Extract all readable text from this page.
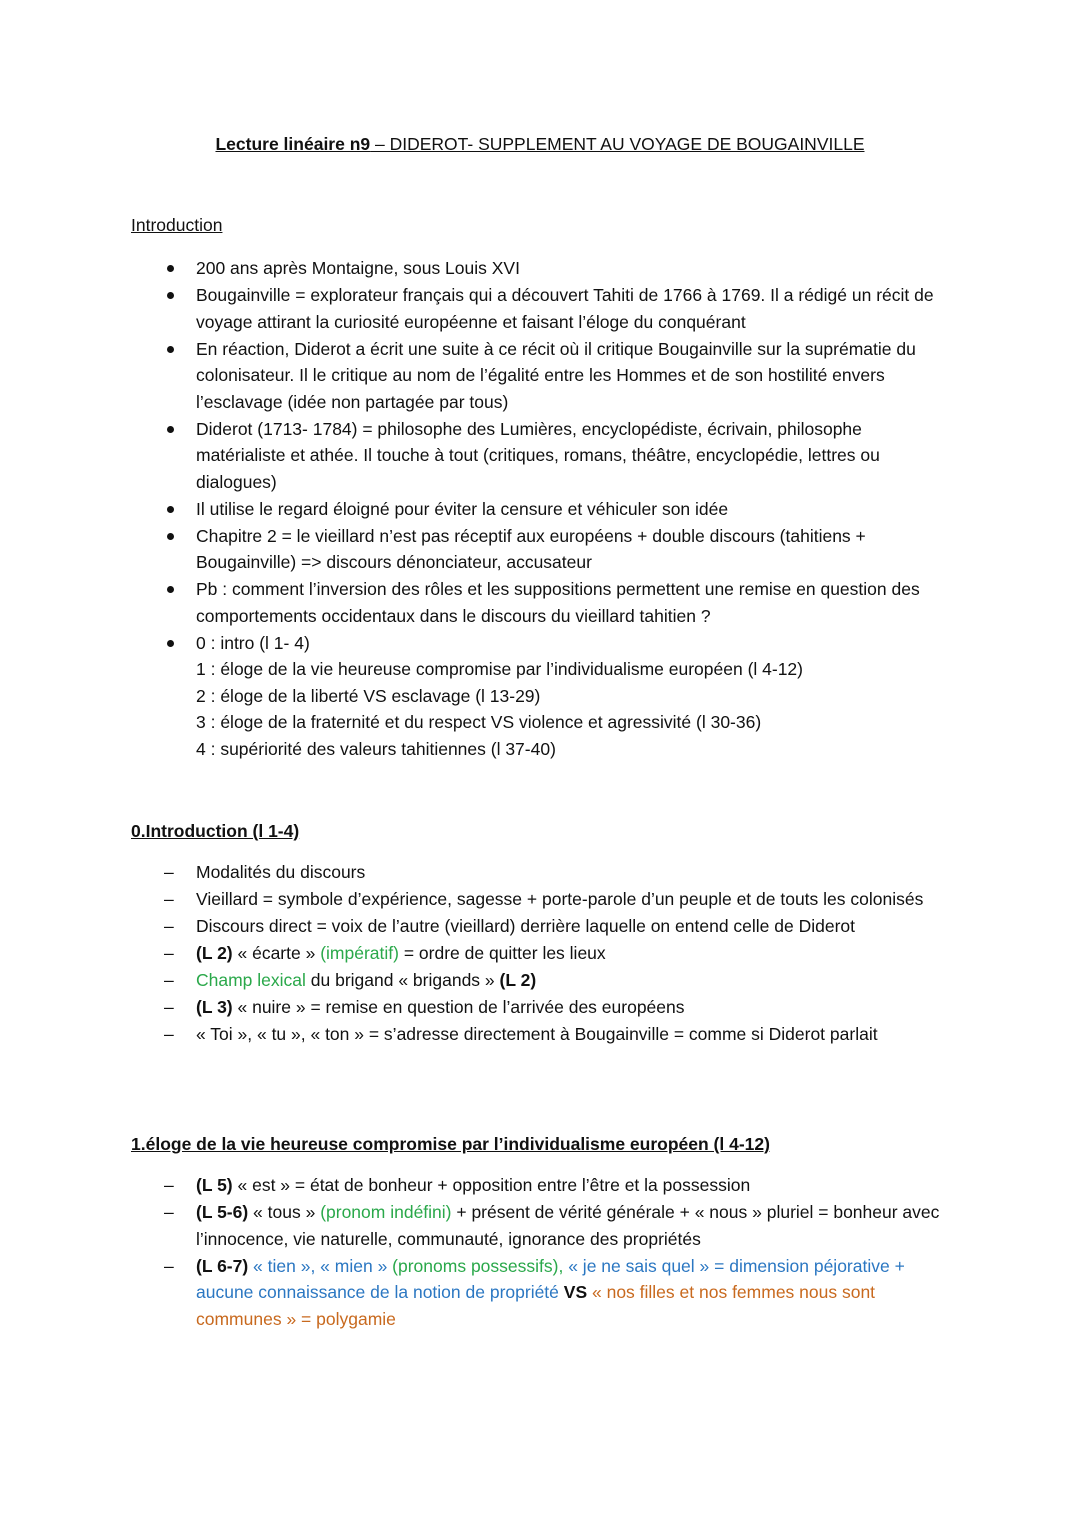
Lecture linéaire n9 – DIDEROT- SUPPLEMENT AU VOYAGE DE BOUGAINVILLE
Introduction
200 ans après Montaigne, sous Louis XVI
Bougainville = explorateur français qui a découvert Tahiti de 1766 à 1769. Il a rédigé un récit de voyage attirant la curiosité européenne et faisant l’éloge du conquérant
En réaction, Diderot a écrit une suite à ce récit où il critique Bougainville sur la suprématie du colonisateur. Il le critique au nom de l’égalité entre les Hommes et de son hostilité envers l’esclavage (idée non partagée par tous)
Diderot (1713- 1784) = philosophe des Lumières, encyclopédiste, écrivain, philosophe matérialiste et athée. Il touche à tout (critiques, romans, théâtre, encyclopédie, lettres ou dialogues)
Il utilise le regard éloigné pour éviter la censure et véhiculer son idée
Chapitre 2 = le vieillard n’est pas réceptif aux européens + double discours (tahitiens + Bougainville) => discours dénonciateur, accusateur
Pb : comment l’inversion des rôles et les suppositions permettent une remise en question des comportements occidentaux dans le discours du vieillard tahitien ?
0 : intro (l 1- 4)
1 : éloge de la vie heureuse compromise par l’individualisme européen (l 4-12)
2 : éloge de la liberté VS esclavage (l 13-29)
3 : éloge de la fraternité et du respect VS violence et agressivité (l 30-36)
4 : supériorité des valeurs tahitiennes (l 37-40)
0.Introduction (l 1-4)
– Modalités du discours
– Vieillard = symbole d’expérience, sagesse + porte-parole d’un peuple et de touts les colonisés
– Discours direct = voix de l’autre (vieillard) derrière laquelle on entend celle de Diderot
– (L 2) « écarte » (impératif) = ordre de quitter les lieux
– Champ lexical du brigand « brigands » (L 2)
– (L 3) « nuire » = remise en question de l’arrivée des européens
– « Toi », « tu », « ton » = s’adresse directement à Bougainville = comme si Diderot parlait
1.éloge de la vie heureuse compromise par l’individualisme européen (l 4-12)
– (L 5) « est » = état de bonheur + opposition entre l’être et la possession
– (L 5-6) « tous » (pronom indéfini) + présent de vérité générale + « nous » pluriel = bonheur avec l’innocence, vie naturelle, communauté, ignorance des propriétés
– (L 6-7) « tien », « mien » (pronoms possessifs), « je ne sais quel » = dimension péjorative + aucune connaissance de la notion de propriété VS « nos filles et nos femmes nous sont communes » = polygamie
